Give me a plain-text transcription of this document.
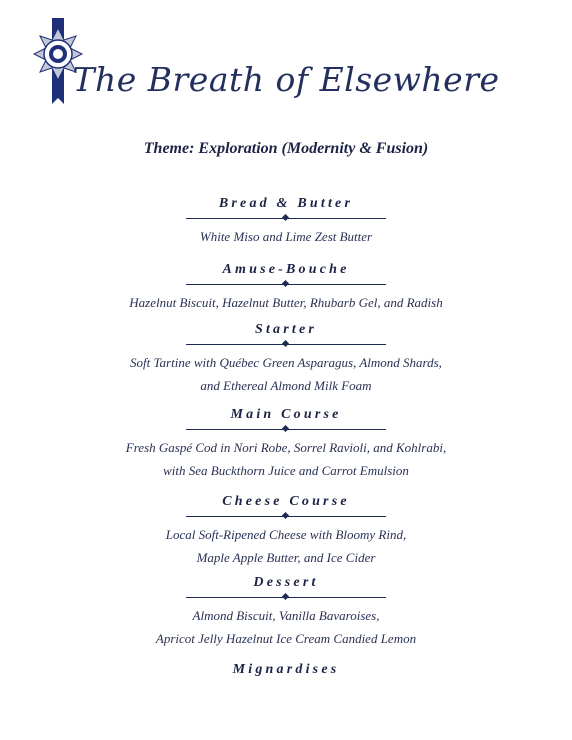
The Breath of Elsewhere
Theme: Exploration (Modernity & Fusion)
Bread & Butter
White Miso and Lime Zest Butter
Amuse-Bouche
Hazelnut Biscuit, Hazelnut Butter, Rhubarb Gel, and Radish
Starter
Soft Tartine with Québec Green Asparagus, Almond Shards,
and Ethereal Almond Milk Foam
Main Course
Fresh Gaspé Cod in Nori Robe, Sorrel Ravioli, and Kohlrabi,
with Sea Buckthorn Juice and Carrot Emulsion
Cheese Course
Local Soft-Ripened Cheese with Bloomy Rind,
Maple Apple Butter, and Ice Cider
Dessert
Almond Biscuit, Vanilla Bavaroises,
Apricot Jelly Hazelnut Ice Cream Candied Lemon
Mignardises
